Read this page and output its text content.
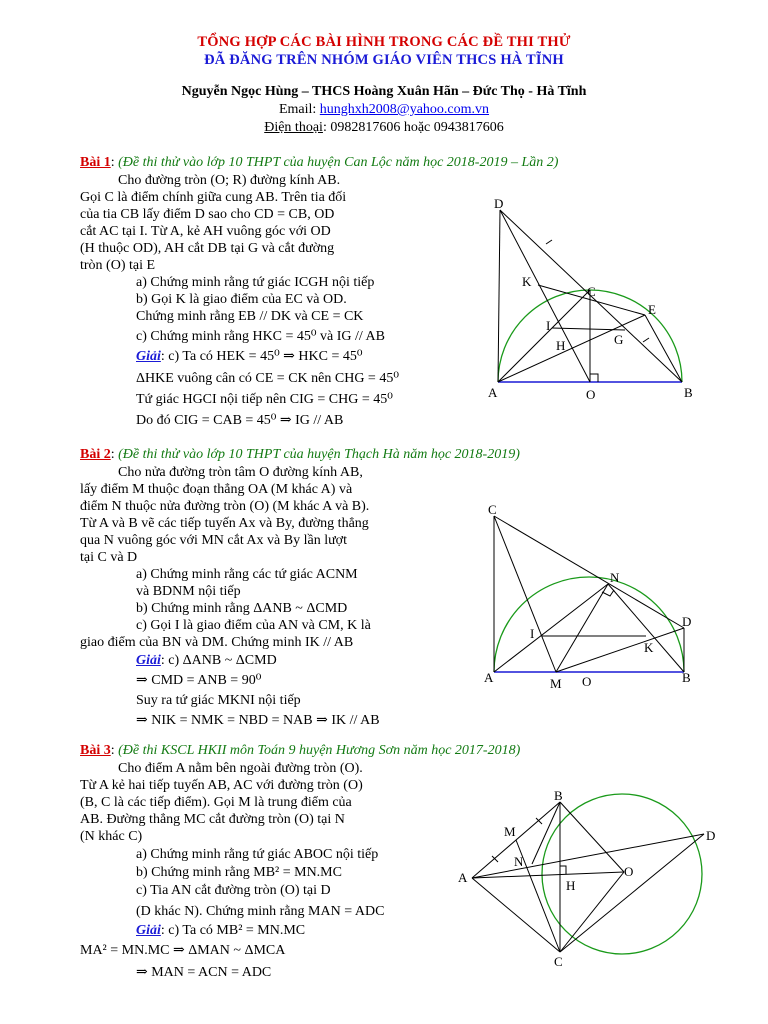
TỔNG HỢP CÁC BÀI HÌNH TRONG CÁC ĐỀ THI THỬ
ĐÃ ĐĂNG TRÊN NHÓM GIÁO VIÊN THCS HÀ TĨNH
Nguyễn Ngọc Hùng – THCS Hoàng Xuân Hãn – Đức Thọ - Hà Tĩnh
Email: hunghxh2008@yahoo.com.vn
Điện thoại: 0982817606 hoặc 0943817606
Bài 1: (Đề thi thử vào lớp 10 THPT của huyện Can Lộc năm học 2018-2019 – Lần 2)
Cho đường tròn (O; R) đường kính AB.
Gọi C là điểm chính giữa cung AB. Trên tia đối
của tia CB lấy điểm D sao cho CD = CB, OD
cắt AC tại I. Từ A, kẻ AH vuông góc với OD
(H thuộc OD), AH cắt DB tại G và cắt đường
tròn (O) tại E
a) Chứng minh rằng tứ giác ICGH nội tiếp
b) Gọi K là giao điểm của EC và OD.
Chứng minh rằng EB // DK và CE = CK
c) Chứng minh rằng HKC = 45⁰ và IG // AB
Giải: c) Ta có HEK = 45⁰ ⇒ HKC = 45⁰
ΔHKE vuông cân có CE = CK nên CHG = 45⁰
Tứ giác HGCI nội tiếp nên CIG = CHG = 45⁰
Do đó CIG = CAB = 45⁰ ⇒ IG // AB
D
K
C
E
I
G
H
A	O	B
Bài 2: (Đề thi thử vào lớp 10 THPT của huyện Thạch Hà năm học 2018-2019)
Cho nửa đường tròn tâm O đường kính AB,
lấy điểm M thuộc đoạn thẳng OA (M khác A) và
điểm N thuộc nửa đường tròn (O) (M khác A và B).
Từ A và B vẽ các tiếp tuyến Ax và By, đường thẳng
qua N vuông góc với MN cắt Ax và By lần lượt
tại C và D
a) Chứng minh rằng các tứ giác ACNM
và BDNM nội tiếp
b) Chứng minh rằng ΔANB ~ ΔCMD
c) Gọi I là giao điểm của AN và CM, K là
giao điểm của BN và DM. Chứng minh IK // AB
Giải: c) ΔANB ~ ΔCMD
⇒ CMD = ANB = 90⁰
Suy ra tứ giác MKNI nội tiếp
⇒ NIK = NMK = NBD = NAB ⇒ IK // AB
C
N
D
I
K
A	M O	B
Bài 3: (Đề thi KSCL HKII môn Toán 9 huyện Hương Sơn năm học 2017-2018)
Cho điểm A nằm bên ngoài đường tròn (O).
Từ A kẻ hai tiếp tuyến AB, AC với đường tròn (O)
(B, C là các tiếp điểm). Gọi M là trung điểm của
AB. Đường thẳng MC cắt đường tròn (O) tại N
(N khác C)
a) Chứng minh rằng tứ giác ABOC nội tiếp
b) Chứng minh rằng MB² = MN.MC
c) Tia AN cắt đường tròn (O) tại D
(D khác N). Chứng minh rằng MAN = ADC
Giải: c) Ta có MB² = MN.MC
MA² = MN.MC ⇒ ΔMAN ~ ΔMCA
⇒ MAN = ACN = ADC
B
M	D
N
A	O
H
C
